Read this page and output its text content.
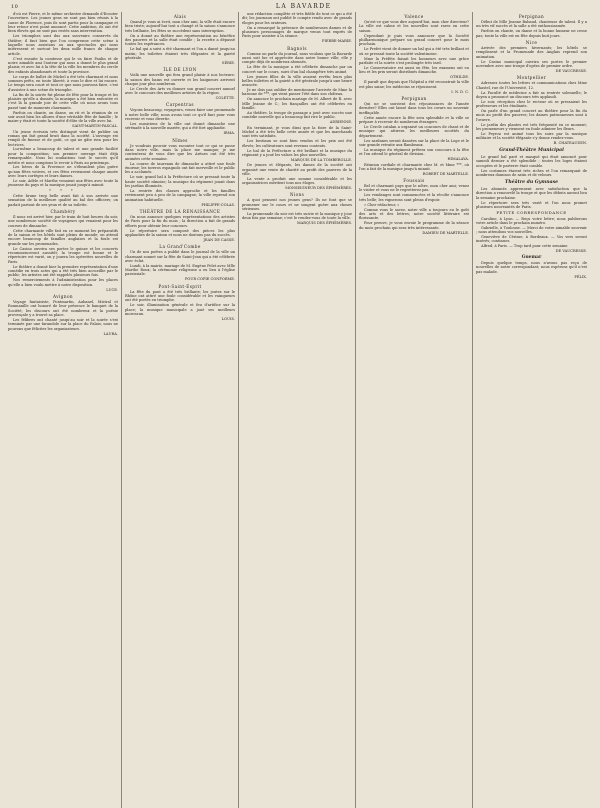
10	LA BAVARDE

d'où est Pierre, et le même orchestre demande d'Ecouter l'ouverture. Les jeunes gens ne sont pas bien réunis à la cause de Florence, puis ils sont partis pour la campagne et leur retour n'est point annoncé. Cette ambition, ils ont été bien élevés qui ne sont pas restés sans intervention.

Les triomphes sont dus aux souvenirs conservés du théâtre; il faut bien que l'on comprenne cette scène à laquelle nous assistons ou aux spectacles qui nous intéressent et surtout les deux mille francs de chaque article.

C'est ensuite la comtesse qui le va faire Paulin et de notre aimable ami l'auteur qui nous a donné le plus grand plaisir, et avec lui à la tête de la ville les membres du cercle des enfants abandonnés et toute la province.

Le corps de ballet de Michel a été très charmant et nous sommes prêts, en toute liberté, à vous le dire et lui encore. Le temps sera court et tout ce que nous pouvons faire, c'est d'assister à une scène de triomphe.

La fin de la soirée fut pleine de fête pour la troupe et les plaisirs qu'elle a donnés; la musique a été bien exécutée et c'est là la grande joie de cette ville où nous avons tous passé tant de moments charmants.

Parfois on chante, on danse, on rit et la réunion de ce soir avait bien les allures d'une véritable fête de famille ; le maire y était et toute la société d'élite de la ville avec lui.

SAINT-MARTIN-PASCAL.

Un jeune écrivain très distingué vient de publier un roman qui fait grand bruit dans la société. L'ouvrage est rempli de finesse et de goût, ce qui ne gâte rien pour les lectrices.

Lui-même a beaucoup de talent et une grande facilité pour la composition; son premier ouvrage était déjà remarquable. Nous lui souhaitons tout le succès qu'il mérite et nous comptons le revoir à Paris au printemps.

Les héros de la Provence ne s'ébranlent plus guère qu'aux fêtes votives, et ces fêtes reviennent chaque année avec leurs cortèges et leurs danses.

Le soir, Adèle et Marthe venaient aux fêtes avec toute la jeunesse du pays et la musique jouait jusqu'à minuit.

* * *

Cette brune trop belle avait fait à son arrivée une sensation de la meilleure qualité au bal des officiers; on parlait partout de ses yeux et de sa toilette.

Chambéry

Il nous est arrivé hier, par le train de huit heures du soir, une nombreuse société de voyageurs qui venaient pour les courses de dimanche.

Cette charmante ville fait en ce moment les préparatifs de la saison et les hôtels sont pleins de monde; on attend encore beaucoup de familles anglaises et la foule est grande sur les promenades.

Le Casino ouvrira ses portes le quinze et les concerts recommenceront aussitôt; la troupe est bonne et le répertoire est varié, on y jouera les opérettes nouvelles de Paris.

Le théâtre a donné hier la première représentation d'une comédie en trois actes qui a été très bien accueillie par le public; les artistes ont été rappelés plusieurs fois.

Nos remerciements à l'administration pour les places qu'elle a bien voulu mettre à notre disposition.

LUCE.
Avignon

Voyage fantaisiste, Pontmartin, Aubanel, Mistral et Roumanille ont honoré de leur présence le banquet de la Société; les discours ont été nombreux et la poésie provençale y a trouvé sa place.

Les félibres ont chanté jusqu'au soir et la soirée s'est terminée par une farandole sur la place du Palais; nous ne pouvons que féliciter les organisateurs.

LAURA.
Alais

Quand je vous ai écrit, mon cher ami, la ville était encore bien triste; aujourd'hui tout a changé et la saison s'annonce très brillante, les fêtes se succèdent sans interruption.

On a donné au théâtre une représentation au bénéfice des pauvres et la salle était comble ; la recette a dépassé toutes les espérances.

Le bal qui a suivi a été charmant et l'on a dansé jusqu'au matin; les toilettes étaient très élégantes et la gaieté générale.

SÉRIE.
ÎLE DE LYON

Voilà une nouvelle qui fera grand plaisir à nos lecteurs: la saison des bains est ouverte et les baigneurs arrivent chaque jour plus nombreux.

Le Cercle des Arts va donner son grand concert annuel avec le concours des meilleurs artistes de la région.

COLETTE.
Carpentras

Voyons beaucoup, voyageurs, venez faire une promenade à notre belle ville; nous avons tout ce qu'il faut pour vous recevoir et vous divertir.

Les musiciens de la ville ont donné dimanche une sérénade à la nouvelle mariée, qui a été fort applaudie.

IRMA.
Nîmes

Je voudrais pouvoir vous raconter tout ce qui se passe dans notre ville, mais la place me manque; je me contenterai de vous dire que les Arènes ont été très animées cette semaine.

La course de taureaux de dimanche a attiré une foule énorme; les toreros espagnols ont fait merveille et le public les a acclamés.

Le soir, grand bal à la Préfecture où se pressait toute la haute société nîmoise; la musique du régiment jouait dans les jardins illuminés.

La rentrée des classes approche et les familles reviennent peu à peu de la campagne; la ville reprend son animation habituelle.

PHILIPPE-COLAS.
THÉÂTRE DE LA RENAISSANCE

On nous annonce quelques représentations des artistes de Paris pour la fin du mois ; la direction a fait de grands efforts pour obtenir leur concours.

Le répertoire sera composé des pièces les plus applaudies de la saison et nous ne doutons pas du succès.

JEAN DE CASSE.
La Grand'Combe

Un de nos poètes a publié dans le journal de la ville un charmant sonnet sur la fête de Saint-Jean qui a été célébrée avec éclat.

Lundi, à la mairie, mariage de M. Eugène Pelet avec Mlle Marthe Roux; la cérémonie religieuse a eu lieu à l'église paroissiale.

POUR COPIE CONFORME.
Pont-Saint-Esprit

La fête du pont a été très brillante; les joutes sur le Rhône ont attiré une foule considérable et les vainqueurs ont été portés en triomphe.

Le soir, illumination générale et feu d'artifice sur la place; la musique municipale a joué ses meilleurs morceaux.

LOUIS.

une rédaction complète et très fidèle de tout ce qui a été dit; les journaux ont publié le compte rendu avec de grands éloges pour les orateurs.

On a remarqué la présence de nombreuses dames et de plusieurs personnages de marque venus tout exprès de Paris pour assister à la séance.

PIERRE-MARIE.
Bagnols

Comme on parle du journal, nous voulons que la Bavarde aussi soit lue et appréciée dans notre bonne ville; elle y compte déjà de nombreux abonnés.

La fête de la musique a été célébrée dimanche par un concert sur le cours, suivi d'un bal champêtre très animé.

Les jeunes filles de la ville avaient revêtu leurs plus belles toilettes et la gaieté a été générale jusqu'à une heure avancée.

Je ne dois pas oublier de mentionner l'arrivée de Mme la baronne de ***, qui vient passer l'été dans son château.

On annonce le prochain mariage de M. Albert de R. avec Mlle Jeanne de C.; les fiançailles ont été célébrées en famille.

Au théâtre, la troupe de passage a joué avec succès une comédie nouvelle qui a beaucoup fait rire le public.

ADRIENNE.

En terminant, je vous dirai que la foire de la Saint-Michel a été très belle cette année et que les marchands sont très satisfaits.

Les bestiaux se sont bien vendus et les prix ont été élevés; les cultivateurs sont revenus contents.

Le bal de la Préfecture a été brillant et la musique du régiment y a joué les valses les plus nouvelles.

MARQUIS DE LA TOMBEROLLE.

De jeunes et élégants, les dames de la société ont organisé une vente de charité au profit des pauvres de la ville.

La vente a produit une somme considérable et les organisatrices méritent tous nos éloges.

MONSEIGNEUR DES ÉPHÉMÈRES.
Nions

A quoi pensent nos jeunes gens? Ils ne font que se promener sur le cours et ne songent guère aux choses sérieuses.

La promenade du soir est très suivie et la musique y joue deux fois par semaine; c'est le rendez-vous de toute la ville.

MARQUIS DES ÉPHÉMÈRES.
Valence

Qu'est-ce que vous dire aujourd'hui, mon cher directeur? La ville est calme et les nouvelles sont rares en cette saison.

Cependant je puis vous annoncer que la Société philharmonique prépare un grand concert pour le mois prochain.

Le Prefet vient de donner un bal qui a été très brillant et où se pressait toute la société valentinoise.

Mme la Préfète faisait les honneurs avec une grâce parfaite et la soirée s'est prolongée très tard.

Le Conservatoire est aussi en fête, les examens ont eu lieu et les prix seront distribués dimanche.

OTHILDE.

Il paraît que depuis que l'hôpital a été reconstruit la ville est plus saine; les médecins se réjouissent.

I. N. D. C.
Perpignan

Qui ne se souvient des réjouissances de l'année dernière? Elles ont laissé dans tous les cœurs un souvenir ineffaçable.

Cette année encore la fête sera splendide et la ville se prépare à recevoir de nombreux étrangers.

Le Cercle catalan a organisé un concours de chant et de musique qui attirera les meilleures sociétés du département.

Les sardanes seront dansées sur la place de la Loge et le soir grande retraite aux flambeaux.

La musique du régiment prêtera son concours à la fête et l'on attend le général de division.

HIMALAYA.

Réunion cordiale et charmante chez M. et Mme ***, où l'on a fait de la musique jusqu'à minuit.

ROBERT DE MARTELLE.
Foussais

Bel et charmant pays que le nôtre, mon cher ami; venez le visiter et vous ne le regretterez pas.

Les vendanges sont commencées et la récolte s'annonce très belle; les vignerons sont pleins d'espoir.

« Cher rédacteur, »

Comme vous le savez, notre ville a toujours eu le goût des arts et des lettres; notre société littéraire est florissante.

Pour preuve, je vous envoie le programme de la séance du mois prochain qui sera très intéressante.

DAMIEN DE MARTELLE.
Perpignan

Début de Mlle Jeanne Babaud, chanteuse de talent. Il y a un très vif succès et la salle a été enthousiasmée.

Parfois on chante, on danse et la bonne humeur ne cesse pas; toute la ville est en fête depuis huit jours.

Nice

Arrivée des premiers hivernants; les hôtels se remplissent et la Promenade des Anglais reprend son animation.

Le Casino municipal ouvrira ses portes le premier novembre avec une troupe d'opéra de premier ordre.

DE VAUCRESSE.
Montpellier

Adressez toutes les lettres et communications chez Mme Chastel, rue de l'Université, 12.

La Faculté de médecine a fait sa rentrée solennelle; le doyen a prononcé un discours très applaudi.

Le soir, réception chez le recteur où se pressaient les professeurs et les étudiants.

On parle d'un grand concert au théâtre pour la fin du mois au profit des pauvres; les dames patronnesses sont à l'œuvre.

Le jardin des plantes est très fréquenté en ce moment; les promeneurs y viennent en foule admirer les fleurs.

Le Peyrou est animé tous les soirs par la musique militaire et la société élégante s'y donne rendez-vous.

B. CHATEAUDEN.
Grand-Théâtre Municipal

Le grand bal paré et masqué qui était annoncé pour samedi dernier a été splendide ; toutes les loges étaient occupées et le parterre était comble.

Les costumes étaient très riches et l'on remarquait de nombreux dominos de satin et de velours.

Théâtre du Gymnase

Les abonnés apprennent avec satisfaction que la direction a renouvelé la troupe et que les débuts auront lieu la semaine prochaine.

Le répertoire sera très varié et l'on nous promet plusieurs nouveautés de Paris.

PETITE CORRESPONDANCE

Caroline, à Lyon. — Reçu votre lettre; nous publierons votre article dans le prochain numéro.

Gabrielle, à Toulouse. — Merci de votre aimable souvenir ; nous attendons vos nouvelles.

Geneviève de Cérisse, à Bordeaux. — Vos vers seront insérés; continuez.

Alfred, à Paris. — Trop tard pour cette semaine.

DE VAUCRESSE.
Guemar

Depuis quelque temps, nous n'avons pas reçu de nouvelles de notre correspondant; nous espérons qu'il n'est pas malade.

FÉLIX.
